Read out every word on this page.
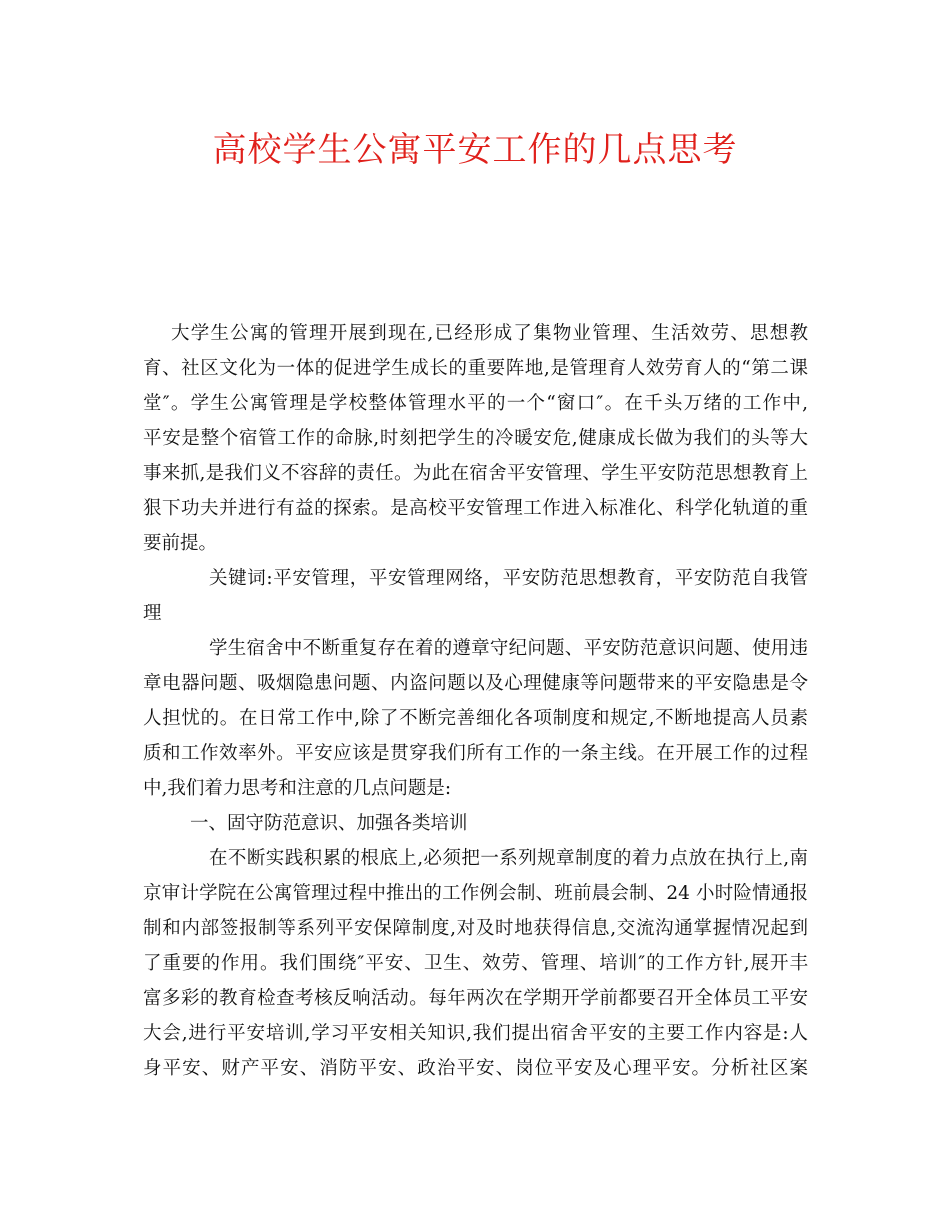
高校学生公寓平安工作的几点思考
大学生公寓的管理开展到现在,已经形成了集物业管理、生活效劳、思想教
育、社区文化为一体的促进学生成长的重要阵地,是管理育人效劳育人的“第二课
堂″。学生公寓管理是学校整体管理水平的一个“窗口″。在千头万绪的工作中,
平安是整个宿管工作的命脉,时刻把学生的冷暖安危,健康成长做为我们的头等大
事来抓,是我们义不容辞的责任。为此在宿舍平安管理、学生平安防范思想教育上
狠下功夫并进行有益的探索。是高校平安管理工作进入标准化、科学化轨道的重
要前提。
关键词:平安管理，平安管理网络，平安防范思想教育，平安防范自我管
理
学生宿舍中不断重复存在着的遵章守纪问题、平安防范意识问题、使用违
章电器问题、吸烟隐患问题、内盗问题以及心理健康等问题带来的平安隐患是令
人担忧的。在日常工作中,除了不断完善细化各项制度和规定,不断地提高人员素
质和工作效率外。平安应该是贯穿我们所有工作的一条主线。在开展工作的过程
中,我们着力思考和注意的几点问题是:
一、固守防范意识、加强各类培训
在不断实践积累的根底上,必须把一系列规章制度的着力点放在执行上,南
京审计学院在公寓管理过程中推出的工作例会制、班前晨会制、24 小时险情通报
制和内部签报制等系列平安保障制度,对及时地获得信息,交流沟通掌握情况起到
了重要的作用。我们围绕″平安、卫生、效劳、管理、培训″的工作方针,展开丰
富多彩的教育检查考核反响活动。每年两次在学期开学前都要召开全体员工平安
大会,进行平安培训,学习平安相关知识,我们提出宿舍平安的主要工作内容是:人
身平安、财产平安、消防平安、政治平安、岗位平安及心理平安。分析社区案
